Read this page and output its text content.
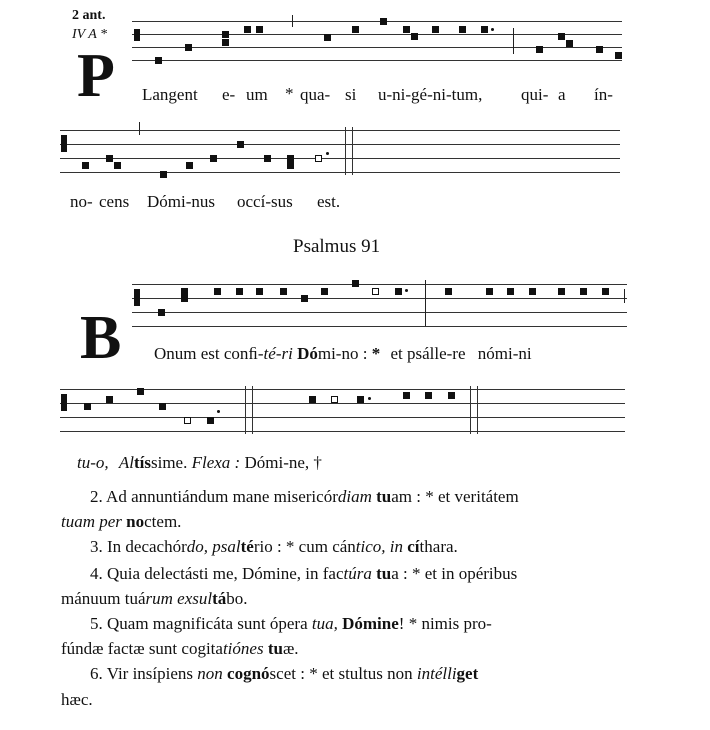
2 ant.
IV A *
P Langent e- um * qua- si u-ni-gé-ni-tum, qui- a ín-
no- cens Dómi-nus occí-sus est.
Psalmus 91
B Onum est conﬁ-té-ri Dómi-no : * et psálle-re nómi-ni
tu-o, Altíssime. Flexa : Dómi-ne, †
2. Ad annuntiándum mane misericórdiam tuam : * et veritátem
tuam per noctem.
3. In decachórdo, psaltério : * cum cántico, in cíthara.
4. Quia delectásti me, Dómine, in factúra tua : * et in opéribus
mánuum tuárum exsultábo.
5. Quam magnificáta sunt ópera tua, Dómine! * nimis pro-
fúndæ factæ sunt cogitatiónes tuæ.
6. Vir insípiens non cognóscet : * et stultus non intélliget
hæc.
